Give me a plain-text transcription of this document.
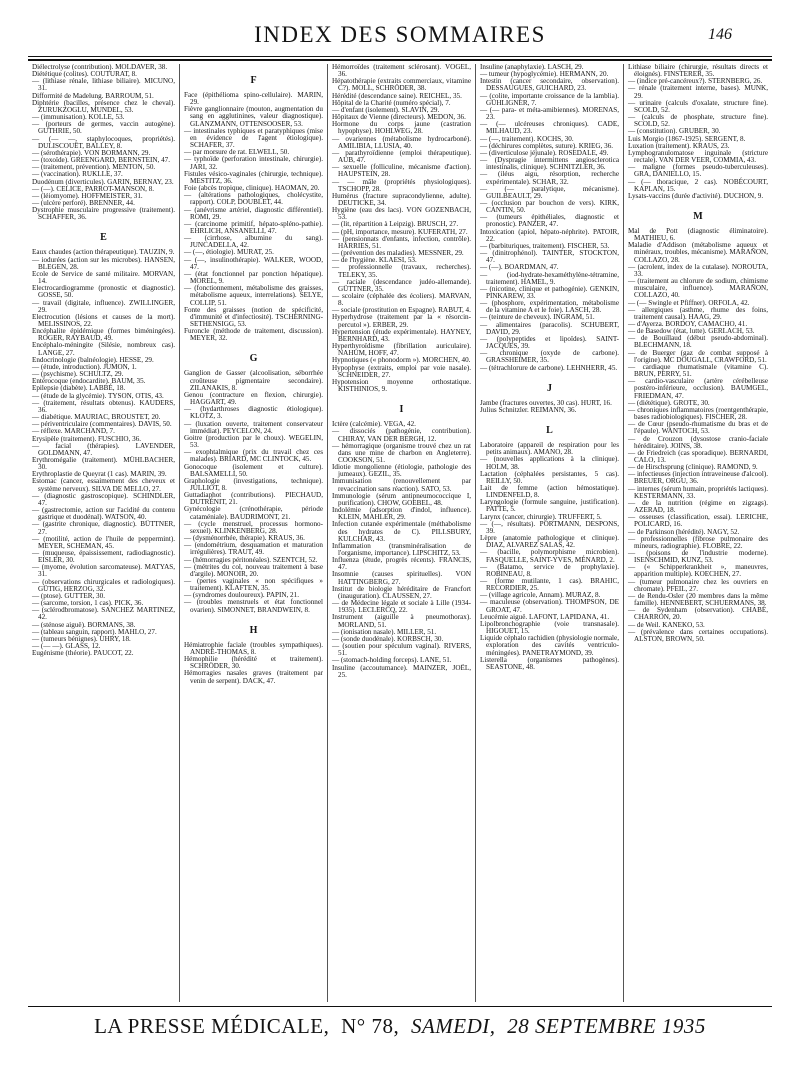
INDEX DES SOMMAIRES	146
Diélectrolyse (contribution). MOLDAVER, 38.
Diététique (colites). COUTURAT, 8.
— (lithiase rénale, lithiase biliaire). MICUNO, 31.
Difformité de Madelung. BARROUM, 51.
Diphtérie (bacilles, présence chez le cheval). ZURUKZOGLU, MUNDEL, 53.
— (immunisation). KOLLE, 53.
— (porteurs de germes, vaccin autogène). GUTHRIE, 50.
— (— —, staphylocoques, propriétés). DULISCOUËT, BALLEY, 8.
— (sérothérapie). VON BORMANN, 29.
— (toxoïde). GREENGARD, BERNSTEIN, 47.
— (traitement, prévention). MENTON, 50.
— (vaccination). RUKLLE, 37.
Duodénum (diverticules). GARIN, BERNAY, 23.
— (—). CELICE, PARROT-MANSON, 8.
— (léiomyome). HOFFMEISTER, 31.
— (ulcère perforé). BRENNER, 44.
Dystrophie musculaire progressive (traitement). SCHAFFER, 36.
E
Eaux chaudes (action thérapeutique). TAUZIN, 9.
— iodurées (action sur les microbes). HANSEN, BLEGEN, 28.
Ecole de Service de santé militaire. MORVAN, 14.
Electrocardiogramme (pronostic et diagnostic). GOSSE, 50.
— travail (digitale, influence). ZWILLINGER, 29.
Electrocution (lésions et causes de la mort). MELISSINOS, 22.
Encéphalite épidémique (formes biméningées). ROGER, RAYBAUD, 49.
Encéphalo-méningite (Silésie, nombreux cas). LANGE, 27.
Endocrinologie (balnéologie). HESSE, 29.
— (étude, introduction). JUMON, 1.
— (psychisme). SCHULTZ, 29.
Entérocoque (endocardite). BAUM, 35.
Epilepsie (diabète). LABBÉ, 18.
— (étude de la glycémie). TYSON, OTIS, 43.
— (traitement, résultats obtenus). KAUDERS, 36.
— diabétique. MAURIAC, BROUSTET, 20.
— périventriculaire (commentaires). DAVIS, 50.
— réflexe. MARCHAND, 7.
Erysipèle (traitement). FUSCHIO, 36.
— facial (thérapies). LAVENDER, GOLDMANN, 47.
Erythromégalie (traitement). MÜHLBACHER, 30.
Erythroplastie de Queyrat (1 cas). MARIN, 39.
Estomac (cancer, essaimement des cheveux et système nerveux). SILVA DE MELLO, 27.
— (diagnostic gastroscopique). SCHINDLER, 47.
— (gastrectomie, action sur l'acidité du contenu gastrique et duodénal). WATSON, 40.
— (gastrite chronique, diagnostic). BÜTTNER, 27.
— (motilité, action de l'huile de peppermint). MEYER, SCHEMAN, 45.
— (muqueuse, épaississement, radiodiagnostic). EISLER, 30.
— (myome, évolution sarcomateuse). MATYAS, 31.
— (observations chirurgicales et radiologiques). GÜTIG, HERZOG, 32.
— (ptose). GUTTER, 30.
— (sarcome, torsion, 1 cas). PICK, 36.
— (sclérodbromatose). SANCHEZ MARTINEZ, 42.
— (sténose aiguë). BORMANS, 38.
— (tableau sanguin, rapport). MAHLO, 27.
— (tumeurs bénignes). UHRY, 18.
— (— —). GLASS, 12.
Eugénisme (théorie). PAUCOT, 22.
F
Face (épithélioma spino-cellulaire). MARIN, 29.
Fièvre ganglionnaire (mouton, augmentation du sang en agglutinines, valeur diagnostique). GLANZMANN, OTTENSOOSER, 53.
— intestinales typhiques et paratyphiques (mise en évidence de l'agent étiologique). SCHAFER, 37.
— par morsure de rat. ELWELL, 50.
— typhoïde (perforation intestinale, chirurgie). JARI, 32.
Fistules vésico-vaginales (chirurgie, technique). MESTITZ, 36.
Foie (abcès tropique, clinique). HAOMAN, 20.
— (altérations pathologiques, cholécystite, rapport). COLP, DOUBLET, 44.
— (anévrisme artériel, diagnostic différentiel). ROMI, 29.
— (carcinome primitif, hépato-spléno-pathie). EHRLICH, ANSANELLI, 47.
— (cirrhose, albumine du sang). JUNCADELLA, 42.
— (—, étiologie). MURAT, 25.
— (—, insulinothérapie). WALKER, WOOD, 47.
— (état fonctionnel par ponction hépatique). MOREL, 9.
— (fonctionnement, métabolisme des graisses, métabolisme aqueux, interrelations). SELYE, COLLIP, 51.
Fonte des graisses (notion de spécificité, d'immunité et d'infectiosité). TSCHERNING-SETHENSIGG, 53.
Furoncle (méthode de traitement, discussion). MEYER, 32.
G
Ganglion de Gasser (alcoolisation, séborrhée croûteuse pigmentaire secondaire). ZILANAKIS, 8.
Genou (contracture en flexion, chirurgie). HAGGART, 49.
— (hydarthroses diagnostic étiologique). KLOTZ, 3.
— (luxation ouverte, traitement conservateur immédiat). PEYCELON, 24.
Goitre (production par le choux). WEGELIN, 53.
— exophtalmique (prix du travail chez ces malades). BRIARD, MC CLINTOCK, 45.
Gonocoque (isolement et culture). BALSAMELLI, 50.
Graphologie (investigations, technique). JULLIOT, 8.
Guttadiaphot (contributions). PIECHAUD, DUTRÉNIT, 21.
Gynécologie (crénothérapie, période cataméniale). BAUDRIMONT, 21.
— (cycle menstruel, processus hormono-sexuel). KLINKENBERG, 28.
— (dysménorrhée, thérapie). KRAUS, 36.
— (endométrium, desquamation et maturation irrégulières). TRAUT, 49.
— (hémorragies péritonéales). SZENTCH, 52.
— (métrites du col, nouveau traitement à base d'argile). MONOIR, 20.
— (pertes vaginales « non spécifiques » traitement). KLAFTEN, 35.
— (syndromes douloureux). PAPIN, 21.
— (troubles menstruels et état fonctionnel ovarien). SIMONNET, BRANDWEIN, 8.
H
Hémiatrophie faciale (troubles sympathiques). ANDRÉ-THOMAS, 8.
Hémophilie (hérédité et traitement). SCHRÖDER, 30.
Hémorragies nasales graves (traitement par venin de serpent). DACK, 47.
Hémorroïdes (traitement sclérosant). VOGEL, 36.
Hépatothérapie (extraits commerciaux, vitamine C?). MOLL, SCHRÖDER, 38.
Hérédité (descendance saine). REICHEL, 35.
Hôpital de la Charité (numéro spécial), 7.
— d'enfant (isolement). SLAVIN, 29.
Hôpitaux de Vienne (directeurs). MEDON, 36.
Hormone du corps jaune (castration hypophyse). HOHLWEG, 28.
— ovariennes (métabolisme hydrocarboné). AMILIBIA, LLUSIA, 40.
— parathyroïdienne (emploi thérapeutique). AUB, 47.
— sexuelle (folliculine, mécanisme d'action). HAUPSTEIN, 28.
— — mâle (propriétés physiologiques). TSCHOPP, 28.
Humérus (fracture supracondylienne, adulte). DEUTICKE, 34.
Hygiène (eau des lacs). VON GOZENBACH, 53.
— (lit, répartition à Leipzig). BRUSCH, 27.
— (pH, importance, mesure). KUFERATH, 27.
— (pensionnats d'enfants, infection, contrôle). HARRIES, 51.
— (prévention des maladies). MESSNER, 29.
— de l'hygiène. KLAESI, 53.
— professionnelle (travaux, recherches). TELEKY, 35.
— raciale (descendance judéo-allemande). GÜTTNER, 35.
— scolaire (céphalée des écoliers). MARVAN, 8.
— sociale (prostitution en Espagne). RABUT, 4.
Hyperhydrose (traitement par la « résorcin-percutol »). ERBER, 29.
Hypertension (étude expérimentale). HAYNEY, BERNHARD, 43.
Hyperthyroïdisme (fibrillation auriculaire). NAHUM, HOFF, 47.
Hypnotiques (« phonodorm »). MORCHEN, 40.
Hypophyse (extraits, emploi par voie nasale). SCHNEIDER, 27.
Hypotension moyenne orthostatique. KISTHINIOS, 9.
I
Ictère (calcémie). VEGA, 42.
— dissociés (pathogénie, contribution). CHIRAY, VAN DER BERGH, 12.
— hémorragique (organisme trouvé chez un rat dans une mine de charbon en Angleterre). COOKSON, 51.
Idiotie mongolienne (étiologie, pathologie des jumeaux). GEZIL, 35.
Immunisation (renouvellement par revaccination sans réaction). SATO, 53.
Immunologie (sérum antipneumococcique I, purification). CHOW, GOEBEL, 48.
Indolémie (adsorption d'indol, influence). KLEIN, MAHLER, 29.
Infection cutanée expérimentale (méthabolisme des hydrates de C). PILLSBURY, KULCHAR, 43.
Inflammation (transminéralisation de l'organisme, importance). LIPSCHITZ, 53.
Influenza (étude, progrès récents). FRANCIS, 47.
Insomnie (causes spirituelles). VON HATTINGBERG, 27.
Institut de biologie héréditaire de Francfort (inauguration). CLAUSSEN, 27.
— de Médecine légale et sociale à Lille (1934-1935). LECLERCQ, 22.
Instrument (aiguille à pneumothorax). MORLAND, 51.
— (ionisation nasale). MILLER, 51.
— (sonde duodénale). KORBSCH, 30.
— (soutien pour spéculum vaginal). RIVERS, 51.
— (stomach-holding forceps). LANE, 51.
Insuline (accoutumance). MAINZER, JOËL, 25.
Insuline (anaphylaxie). LASCH, 29.
— tumeur (hypoglycémie). HERMANN, 20.
Intestin (cancer secondaire, observation). DESSAUGUES, GUICHARD, 23.
— (colite, importante croissance de la lamblia). GÜHLIGNER, 7.
— (— para- et méta-amibiennes). MORENAS, 23.
— (— ulcéreuses chroniques). CADE, MILHAUD, 23.
— (—, traitement). KOCHS, 30.
— (déchirures complètes, suture). KRIEG, 36.
— (diverticulose jéjunale). ROSEDALE, 49.
— (Dyspragie intermittens angiosclerotica intestinalis, clinique). SCHNITZLER, 36.
— (iléus aigu, résorption, recherche expérimentale). SCHAR, 32.
— (— paralytique, mécanisme). GUILBEAULT, 29.
— (occlusion par bouchon de vers). KIRK, CANTIN, 50.
— (tumeurs épithéliales, diagnostic et pronostic). PANZER, 47.
Intoxication (apiol, hépato-néphrite). PATOIR, 22.
— (barbituriques, traitement). FISCHER, 53.
— (dinitrophénol). TAINTER, STOCKTON, 47.
— (—). BOARDMAN, 47.
— (iod-hydrate-hexaméthylène-tétramine, traitement). HAMEL, 9.
— (nicotine, clinique et pathogénie). GENKIN, PINKAREW, 33.
— (phosphore, expérimentation, métabolisme de la vitamine A et le foie). LASCH, 28.
— (teinture de cheveux). INGRAM, 51.
— alimentaires (paracolis). SCHUBERT, DAVID, 29.
— (polypeptides et lipoïdes). SAINT-JACQUES, 39.
— chronique (oxyde de carbone). GRASSHEIMER, 35.
— (tétrachlorure de carbone). LEHNHERR, 45.
J
Jambe (fractures ouvertes, 30 cas). HURT, 16.
Julius Schnitzler. REIMANN, 36.
L
Laboratoire (appareil de respiration pour les petits animaux). AMANO, 28.
— (nouvelles applications à la clinique). HOLM, 38.
Lactation (céphalées persistantes, 5 cas). REILLY, 50.
Lait de femme (action hémostatique). LINDENFELD, 8.
Laryngologie (formule sanguine, justification). PATTE, 5.
Larynx (cancer, chirurgie). TRUFFERT, 5.
— (—, résultats). PORTMANN, DESPONS, 39.
Lèpre (anatomie pathologique et clinique). DIAZ, ALVAREZ SALAS, 42.
— (bacille, polymorphisme microbien). FASQUELLE, SAINT-YVES, MÉNARD, 2.
— (Batamo, service de prophylaxie). ROBINEAU, 8.
— (forme mutilante, 1 cas). BRAHIC, RECORDIER, 25.
— (village agricole, Annam). MURAZ, 8.
— maculeuse (observation). THOMPSON, DE GROAT, 47.
Leucémie aiguë. LAFONT, LAPIDANA, 41.
Lipolbronchographie (voie transnasale). HIGOUET, 15.
Liquide céphalo rachidien (physiologie normale, exploration des cavités ventriculo-méningées). PANETRAYMOND, 39.
Listerella (organismes pathogènes). SEASTONE, 48.
Lithiase biliaire (chirurgie, résultats directs et éloignés). FINSTERER, 35.
— (indice pré-cancéreux?). STERNBERG, 26.
— rénale (traitement interne, bases). MUNK, 29.
— urinaire (calculs d'oxalate, structure fine). SCOLD, 52.
— (calculs de phosphate, structure fine). SCOLD, 52.
— (constitution). GRUBER, 30.
Luis Morgio (1867-1925). SERGENT, 8.
Luxation (traitement). KRAUS, 23.
Lymphogranulomatose inguinale (stricture rectale). VAN DER VEER, COMMIA, 43.
— maligne (formes pseudo-tuberculeuses). GRA, DANIELLO, 15.
— (— thoracique, 2 cas). NOBÉCOURT, KAPLAN, 15.
Lysats-vaccins (durée d'activité). DUCHON, 9.
M
Mal de Pott (diagnostic éliminatoire). MATHIEU, 6.
Maladie d'Addison (métabolisme aqueux et minéraux, troubles, mécanisme). MARAÑON, COLLAZO, 28.
— (acrolent, index de la cutalase). NOROUTA, 33.
— (traitement au chlorure de sodium, chimisme musculaire, influence). MARAÑON, COLLAZO, 40.
— (— Swingle et Pfiffner). ORFOLA, 42.
— allergiques (asthme, rhume des foins, traitement causal). HAAG, 29.
— d'Ayerza. BORDOY, CAMACHO, 41.
— de Basedow (état, lutte). GERLACH, 53.
— de Bouillaud (début pseudo-abdominal). BLECHMANN, 18.
— de Buerger (gaz de combat supposé à l'origine). MC DOUGALL, CRAWFORD, 51.
— cardiaque rhumatismale (vitamine C). BRUN, PERRY, 51.
— cardio-vasculaire (artère cérébelleuse postéro-inférieure, occlusion). BAUMGEL, FRIEDMAN, 47.
— (diététique). GROTE, 30.
— chroniques inflammatoires (roentgenthérapie, bases radiobiologiques). FISCHER, 28.
— de Cœur (pseudo-rhumatisme du bras et de l'épaule). WANTOCH, 53.
— de Crouzon (dysostose cranio-faciale héréditaire). JOINS, 38.
— de Friedreich (cas sporadique). BERNARDI, CALO, 13.
— de Hirschsprung (clinique). RAMOND, 9.
— infectieuses (injection intraveineuse d'alcool). BREUER, ORGU, 36.
— internes (sérum humain, propriétés lactiques). KESTERMANN, 33.
— de la nutrition (régime en zigzags). AZERAD, 18.
— osseuses (classification, essai). LERICHE, POLICARD, 16.
— de Parkinson (hérédité). NAGY, 52.
— professionnelles (fibrose pulmonaire des mineurs, radiographie). FLOBRE, 22.
— (poisons de l'industrie moderne). ISENSCHMID, KUNZ, 53.
— (« Schipperkrankheit », maneuvres, apparition multiple). KOECHEN, 27.
— (tumeur pulmonaire chez les ouvriers en chromate). PFEIL, 27.
— de Rendu-Osler (20 membres dans la même famille). HENNEBERT, SCHUERMANS, 38.
— de Sydenham (observation). CHABÉ, CHARRON, 20.
— de Weil. KANEKO, 53.
— (prévalence dans certaines occupations). ALSTON, BROWN, 50.
LA PRESSE MÉDICALE, N° 78, SAMEDI, 28 SEPTEMBRE 1935
